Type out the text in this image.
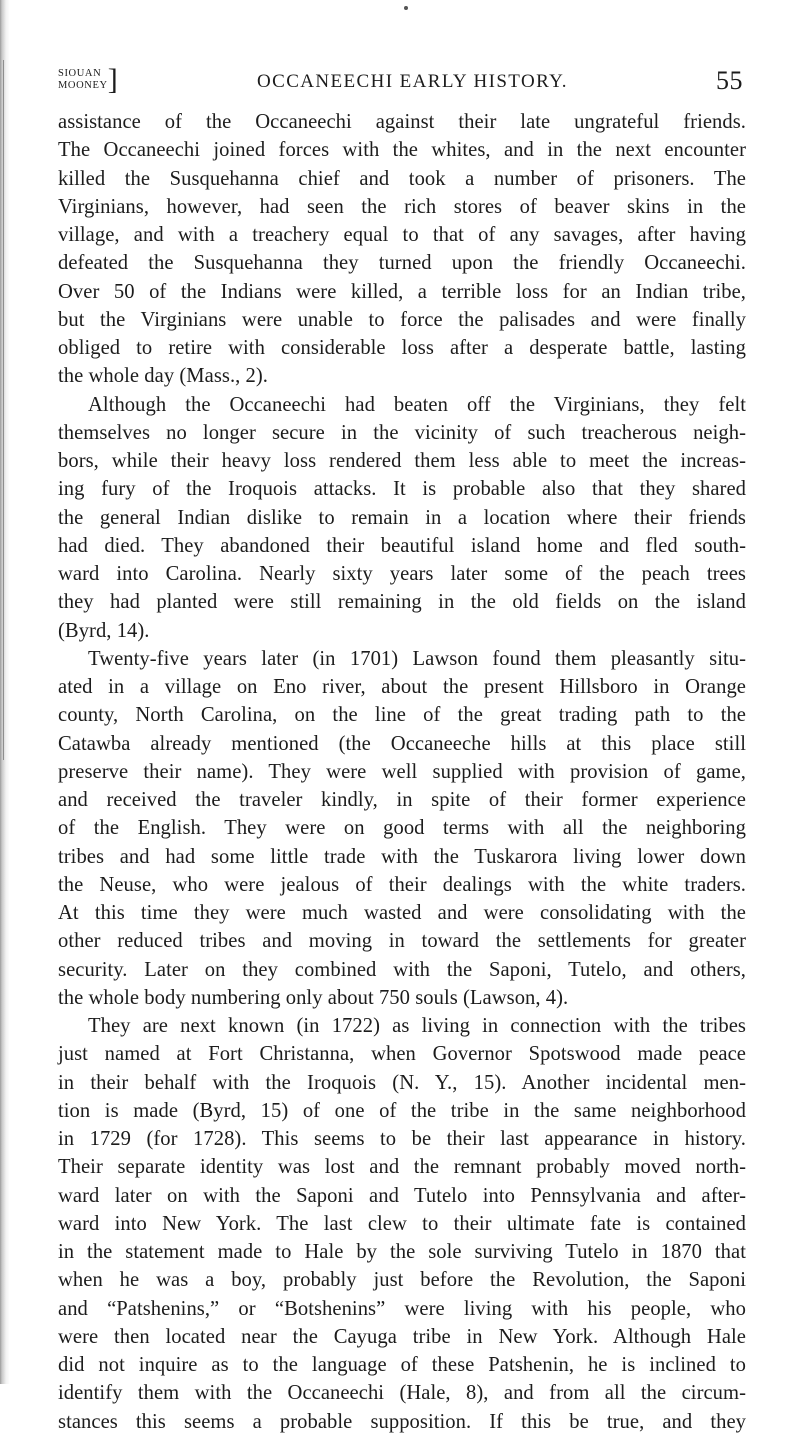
SIOUAN
MOONEY ]	OCCANEECHI EARLY HISTORY.	55
assistance of the Occaneechi against their late ungrateful friends.
The Occaneechi joined forces with the whites, and in the next encounter
killed the Susquehanna chief and took a number of prisoners. The
Virginians, however, had seen the rich stores of beaver skins in the
village, and with a treachery equal to that of any savages, after having
defeated the Susquehanna they turned upon the friendly Occaneechi.
Over 50 of the Indians were killed, a terrible loss for an Indian tribe,
but the Virginians were unable to force the palisades and were finally
obliged to retire with considerable loss after a desperate battle, lasting
the whole day (Mass., 2).
Although the Occaneechi had beaten off the Virginians, they felt
themselves no longer secure in the vicinity of such treacherous neigh-
bors, while their heavy loss rendered them less able to meet the increas-
ing fury of the Iroquois attacks. It is probable also that they shared
the general Indian dislike to remain in a location where their friends
had died. They abandoned their beautiful island home and fled south-
ward into Carolina. Nearly sixty years later some of the peach trees
they had planted were still remaining in the old fields on the island
(Byrd, 14).
Twenty-five years later (in 1701) Lawson found them pleasantly situ-
ated in a village on Eno river, about the present Hillsboro in Orange
county, North Carolina, on the line of the great trading path to the
Catawba already mentioned (the Occaneeche hills at this place still
preserve their name). They were well supplied with provision of game,
and received the traveler kindly, in spite of their former experience
of the English. They were on good terms with all the neighboring
tribes and had some little trade with the Tuskarora living lower down
the Neuse, who were jealous of their dealings with the white traders.
At this time they were much wasted and were consolidating with the
other reduced tribes and moving in toward the settlements for greater
security. Later on they combined with the Saponi, Tutelo, and others,
the whole body numbering only about 750 souls (Lawson, 4).
They are next known (in 1722) as living in connection with the tribes
just named at Fort Christanna, when Governor Spotswood made peace
in their behalf with the Iroquois (N. Y., 15). Another incidental men-
tion is made (Byrd, 15) of one of the tribe in the same neighborhood
in 1729 (for 1728). This seems to be their last appearance in history.
Their separate identity was lost and the remnant probably moved north-
ward later on with the Saponi and Tutelo into Pennsylvania and after-
ward into New York. The last clew to their ultimate fate is contained
in the statement made to Hale by the sole surviving Tutelo in 1870 that
when he was a boy, probably just before the Revolution, the Saponi
and “Patshenins,” or “Botshenins” were living with his people, who
were then located near the Cayuga tribe in New York. Although Hale
did not inquire as to the language of these Patshenin, he is inclined to
identify them with the Occaneechi (Hale, 8), and from all the circum-
stances this seems a probable supposition. If this be true, and they
